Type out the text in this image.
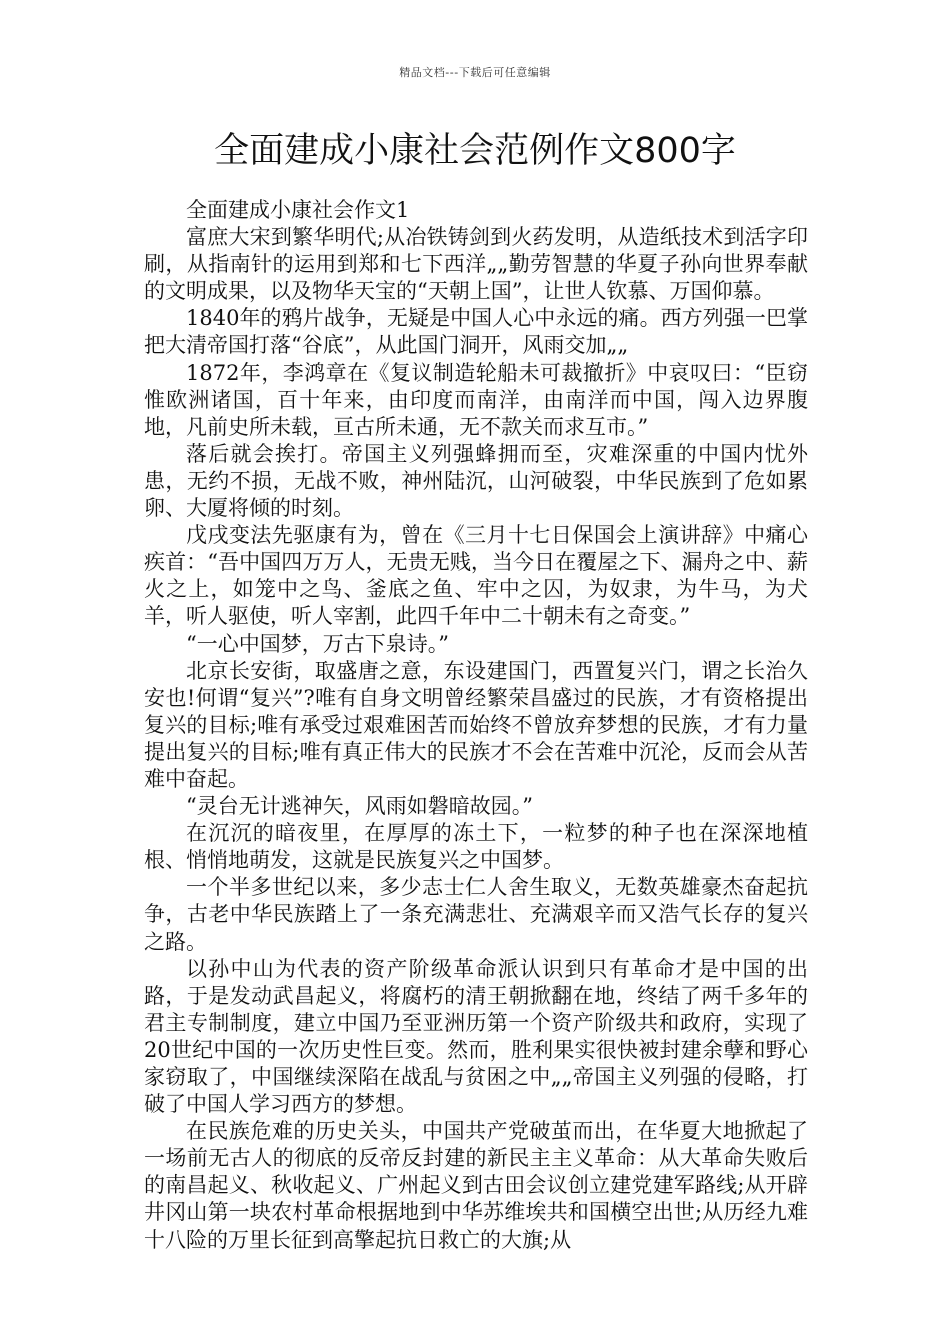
精品文档---下载后可任意编辑
全面建成小康社会范例作文800字

全面建成小康社会作文1

富庶大宋到繁华明代;从冶铁铸剑到火药发明，从造纸技术到活字印刷，从指南针的运用到郑和七下西洋„„勤劳智慧的华夏子孙向世界奉献的文明成果，以及物华天宝的“天朝上国”，让世人钦慕、万国仰慕。

1840年的鸦片战争，无疑是中国人心中永远的痛。西方列强一巴掌把大清帝国打落“谷底”，从此国门洞开，风雨交加„„

1872年，李鸿章在《复议制造轮船未可裁撤折》中哀叹曰：“臣窃惟欧洲诸国，百十年来，由印度而南洋，由南洋而中国，闯入边界腹地，凡前史所未载，亘古所未通，无不款关而求互市。”

落后就会挨打。帝国主义列强蜂拥而至，灾难深重的中国内忧外患，无约不损，无战不败，神州陆沉，山河破裂，中华民族到了危如累卵、大厦将倾的时刻。

戊戌变法先驱康有为，曾在《三月十七日保国会上演讲辞》中痛心疾首：“吾中国四万万人，无贵无贱，当今日在覆屋之下、漏舟之中、薪火之上，如笼中之鸟、釜底之鱼、牢中之囚，为奴隶，为牛马，为犬羊，听人驱使，听人宰割，此四千年中二十朝未有之奇变。”

“一心中国梦，万古下泉诗。”

北京长安街，取盛唐之意，东设建国门，西置复兴门，谓之长治久安也!何谓“复兴”?唯有自身文明曾经繁荣昌盛过的民族，才有资格提出复兴的目标;唯有承受过艰难困苦而始终不曾放弃梦想的民族，才有力量提出复兴的目标;唯有真正伟大的民族才不会在苦难中沉沦，反而会从苦难中奋起。

“灵台无计逃神矢，风雨如磐暗故园。”

在沉沉的暗夜里，在厚厚的冻土下，一粒梦的种子也在深深地植根、悄悄地萌发，这就是民族复兴之中国梦。

一个半多世纪以来，多少志士仁人舍生取义，无数英雄豪杰奋起抗争，古老中华民族踏上了一条充满悲壮、充满艰辛而又浩气长存的复兴之路。

以孙中山为代表的资产阶级革命派认识到只有革命才是中国的出路，于是发动武昌起义，将腐朽的清王朝掀翻在地，终结了两千多年的君主专制制度，建立中国乃至亚洲历第一个资产阶级共和政府，实现了20世纪中国的一次历史性巨变。然而，胜利果实很快被封建余孽和野心家窃取了，中国继续深陷在战乱与贫困之中„„帝国主义列强的侵略，打破了中国人学习西方的梦想。

在民族危难的历史关头，中国共产党破茧而出，在华夏大地掀起了一场前无古人的彻底的反帝反封建的新民主主义革命：从大革命失败后的南昌起义、秋收起义、广州起义到古田会议创立建党建军路线;从开辟井冈山第一块农村革命根据地到中华苏维埃共和国横空出世;从历经九难十八险的万里长征到高擎起抗日救亡的大旗;从
